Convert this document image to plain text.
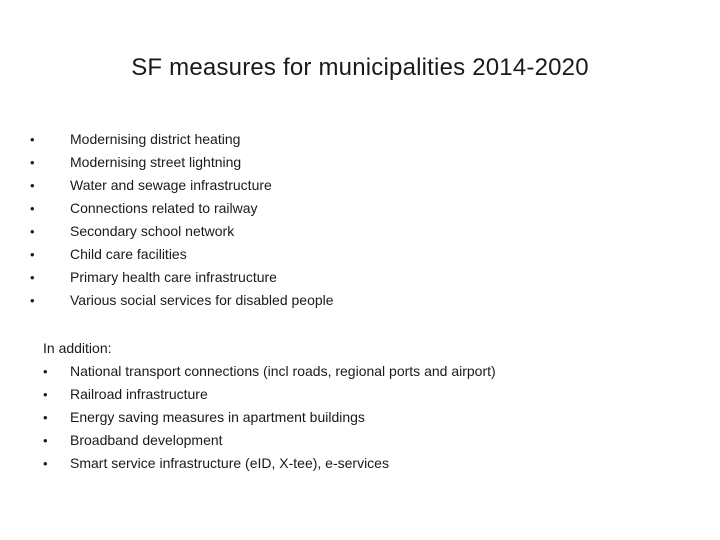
SF measures for municipalities 2014-2020
•	Modernising district heating
•	Modernising street lightning
•	Water and sewage infrastructure
•	Connections related to railway
•	Secondary school network
•	Child care facilities
•	Primary health care infrastructure
•	Various social services for disabled people
In addition:
• National transport connections (incl roads, regional ports and airport)
• Railroad infrastructure
• Energy saving measures in apartment buildings
• Broadband development
• Smart service infrastructure (eID, X-tee), e-services
